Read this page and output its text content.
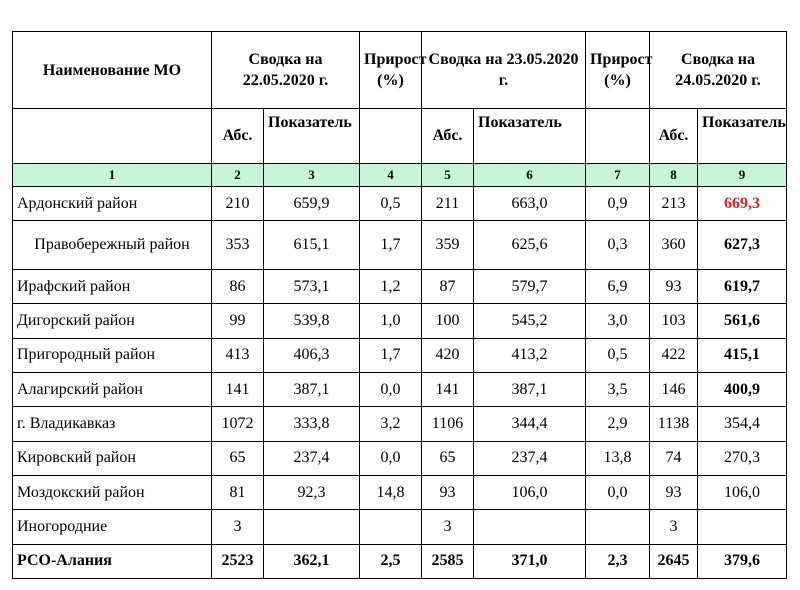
Наименование МО	Сводка на 22.05.2020 г.		Прирост (%)	Сводка на 23.05.2020 г.		Прирост (%)	Сводка на 24.05.2020 г.	
	Абс.	Показатель		Абс.	Показатель		Абс.	Показатель
1	2	3	4	5	6	7	8	9
Ардонский район	210	659,9	0,5	211	663,0	0,9	213	669,3
Правобережный район	353	615,1	1,7	359	625,6	0,3	360	627,3
Ирафский район	86	573,1	1,2	87	579,7	6,9	93	619,7
Дигорский район	99	539,8	1,0	100	545,2	3,0	103	561,6
Пригородный район	413	406,3	1,7	420	413,2	0,5	422	415,1
Алагирский район	141	387,1	0,0	141	387,1	3,5	146	400,9
г. Владикавказ	1072	333,8	3,2	1106	344,4	2,9	1138	354,4
Кировский район	65	237,4	0,0	65	237,4	13,8	74	270,3
Моздокский район	81	92,3	14,8	93	106,0	0,0	93	106,0
Иногородние	3			3			3	
РСО-Алания	2523	362,1	2,5	2585	371,0	2,3	2645	379,6
